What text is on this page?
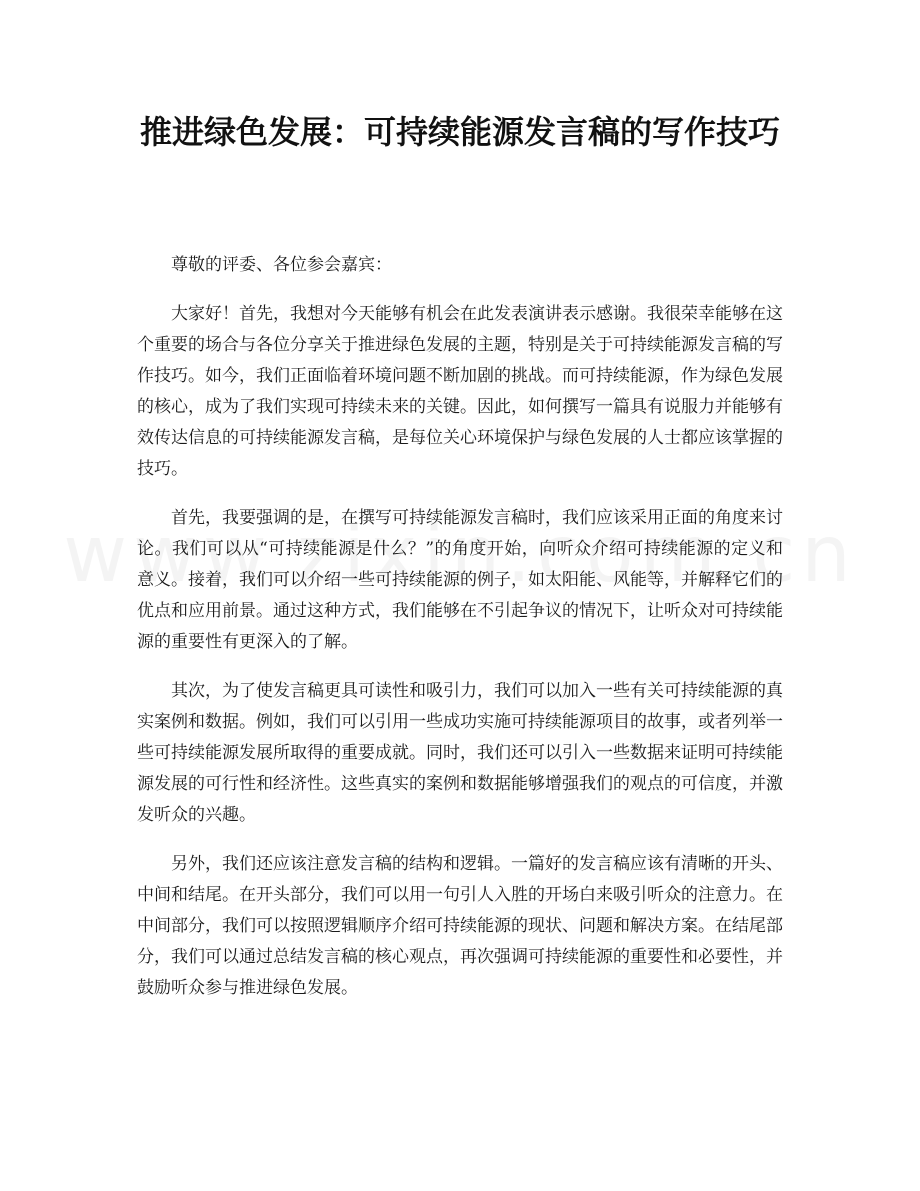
推进绿色发展：可持续能源发言稿的写作技巧

尊敬的评委、各位参会嘉宾：

大家好！首先，我想对今天能够有机会在此发表演讲表示感谢。我很荣幸能够在这个重要的场合与各位分享关于推进绿色发展的主题，特别是关于可持续能源发言稿的写作技巧。如今，我们正面临着环境问题不断加剧的挑战。而可持续能源，作为绿色发展的核心，成为了我们实现可持续未来的关键。因此，如何撰写一篇具有说服力并能够有效传达信息的可持续能源发言稿，是每位关心环境保护与绿色发展的人士都应该掌握的技巧。

首先，我要强调的是，在撰写可持续能源发言稿时，我们应该采用正面的角度来讨论。我们可以从“可持续能源是什么？”的角度开始，向听众介绍可持续能源的定义和意义。接着，我们可以介绍一些可持续能源的例子，如太阳能、风能等，并解释它们的优点和应用前景。通过这种方式，我们能够在不引起争议的情况下，让听众对可持续能源的重要性有更深入的了解。

其次，为了使发言稿更具可读性和吸引力，我们可以加入一些有关可持续能源的真实案例和数据。例如，我们可以引用一些成功实施可持续能源项目的故事，或者列举一些可持续能源发展所取得的重要成就。同时，我们还可以引入一些数据来证明可持续能源发展的可行性和经济性。这些真实的案例和数据能够增强我们的观点的可信度，并激发听众的兴趣。

另外，我们还应该注意发言稿的结构和逻辑。一篇好的发言稿应该有清晰的开头、中间和结尾。在开头部分，我们可以用一句引人入胜的开场白来吸引听众的注意力。在中间部分，我们可以按照逻辑顺序介绍可持续能源的现状、问题和解决方案。在结尾部分，我们可以通过总结发言稿的核心观点，再次强调可持续能源的重要性和必要性，并鼓励听众参与推进绿色发展。
